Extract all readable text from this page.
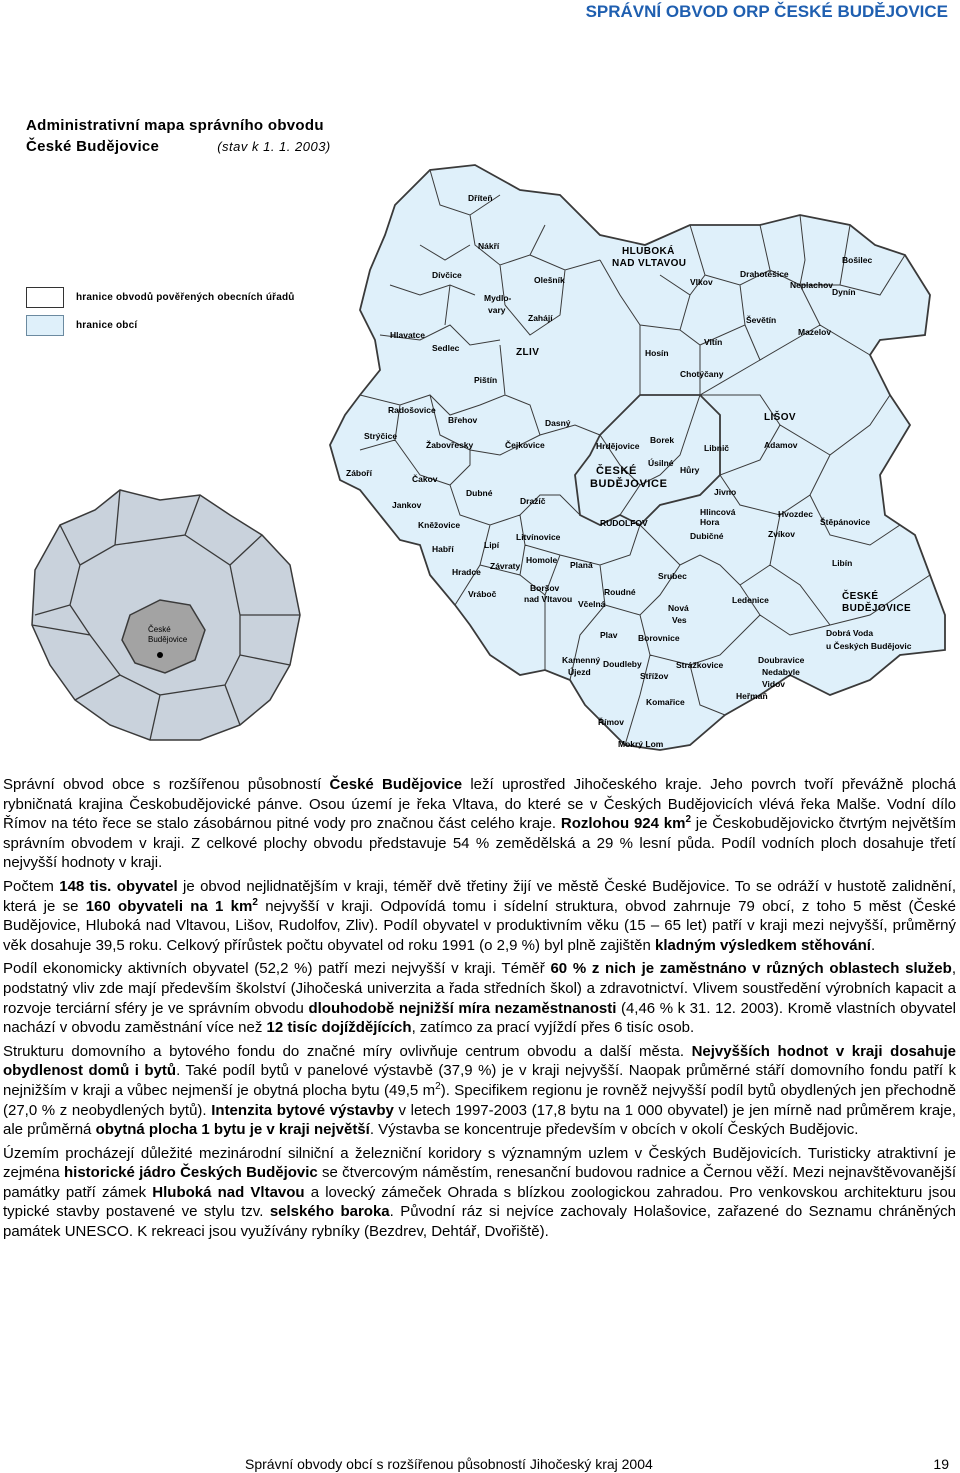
SPRÁVNÍ OBVOD ORP ČESKÉ BUDĚJOVICE
Administrativní mapa správního obvodu
České Budějovice	(stav k 1. 1. 2003)
hranice obvodů pověřených obecních úřadů
hranice obcí
České Budějovice
Dříteň
Nákří	HLUBOKÁ
NAD VLTAVOU
Dívčice	Olešník
Mydlo-
vary
Zahájí
Hlavatce
Sedlec	ZLIV
Pištín
Hosín
Vitín
Chotýčany
Radošovice
Břehov
Strýčice
Žabovřesky	Čejkovice
Dasný
Hrdějovice
Borek
Libnič
Úsilné
Záboří
Čakov
Dubné
Hůry
Jivno
Jankov	Dražíč
LIŠOV
Adamov
RUDOLFOV
Hlincová Hora
Dubičné
Hvozdec
Štěpánovice
Zvíkov
Kněžovice
Lipí
Litvínovice
Habří
Homole Planá
Hradce
Závraty
Boršov
nad Vltavou Včelná
Roudné
Nová
Ves
Srubec
Ledenice
Libín
Vráboč
Kamenný
Újezd
Plav Borovnice
Doudleby
Střížov
Strážkovice
Komařice
Římov
Mokrý Lom
Doubravice
Nedabyle
Vidov
Heřmaň
Dobrá Voda
u Českých Budějovic
Vlkov
Drahotěšice
Neplachov
Bošilec
Dynín
Ševětín
Mazelov
ČESKÉ
BUDĚJOVICE
ČESKÉ
BUDĚJOVICE

Správní obvod obce s rozšířenou působností České Budějovice leží uprostřed Jihočeského kraje. Jeho povrch tvoří převážně plochá rybničnatá krajina Českobudějovické pánve. Osou území je řeka Vltava, do které se v Českých Budějovicích vlévá řeka Malše. Vodní dílo Římov na této řece se stalo zásobárnou pitné vody pro značnou část celého kraje. Rozlohou 924 $km^2$ je Českobudějovicko čtvrtým největším správním obvodem v kraji. Z celkové plochy obvodu představuje 54 % zemědělská a 29 % lesní půda. Podíl vodních ploch dosahuje třetí nejvyšší hodnoty v kraji.

Počtem 148 tis. obyvatel je obvod nejlidnatějším v kraji, téměř dvě třetiny žijí ve městě České Budějovice. To se odráží v hustotě zalidnění, která je se 160 obyvateli na 1 $km^2$ nejvyšší v kraji. Odpovídá tomu i sídelní struktura, obvod zahrnuje 79 obcí, z toho 5 měst (České Budějovice, Hluboká nad Vltavou, Lišov, Rudolfov, Zliv). Podíl obyvatel v produktivním věku (15 – 65 let) patří v kraji mezi nejvyšší, průměrný věk dosahuje 39,5 roku. Celkový přírůstek počtu obyvatel od roku 1991 (o 2,9 %) byl plně zajištěn kladným výsledkem stěhování.

Podíl ekonomicky aktivních obyvatel (52,2 %) patří mezi nejvyšší v kraji. Téměř 60 % z nich je zaměstnáno v různých oblastech služeb, podstatný vliv zde mají především školství (Jihočeská univerzita a řada středních škol) a zdravotnictví. Vlivem soustředění výrobních kapacit a rozvoje terciární sféry je ve správním obvodu dlouhodobě nejnižší míra nezaměstnanosti (4,46 % k 31. 12. 2003). Kromě vlastních obyvatel nachází v obvodu zaměstnání více než 12 tisíc dojíždějících, zatímco za prací vyjíždí přes 6 tisíc osob.

Strukturu domovního a bytového fondu do značné míry ovlivňuje centrum obvodu a další města. Nejvyšších hodnot v kraji dosahuje obydlenost domů i bytů. Také podíl bytů v panelové výstavbě (37,9 %) je v kraji nejvyšší. Naopak průměrné stáří domovního fondu patří k nejnižším v kraji a vůbec nejmenší je obytná plocha bytu (49,5 $m^2$). Specifikem regionu je rovněž nejvyšší podíl bytů obydlených jen přechodně (27,0 % z neobydlených bytů). Intenzita bytové výstavby v letech 1997-2003 (17,8 bytu na 1 000 obyvatel) je jen mírně nad průměrem kraje, ale průměrná obytná plocha 1 bytu je v kraji největší. Výstavba se koncentruje především v obcích v okolí Českých Budějovic.

Územím procházejí důležité mezinárodní silniční a železniční koridory s významným uzlem v Českých Budějovicích. Turisticky atraktivní je zejména historické jádro Českých Budějovic se čtvercovým náměstím, renesanční budovou radnice a Černou věží. Mezi nejnavštěvovanější památky patří zámek Hluboká nad Vltavou a lovecký zámeček Ohrada s blízkou zoologickou zahradou. Pro venkovskou architekturu jsou typické stavby postavené ve stylu tzv. selského baroka. Původní ráz si nejvíce zachovaly Holašovice, zařazené do Seznamu chráněných památek UNESCO. K rekreaci jsou využívány rybníky (Bezdrev, Dehtář, Dvořiště).

Správní obvody obcí s rozšířenou působností Jihočeský kraj 2004	19
